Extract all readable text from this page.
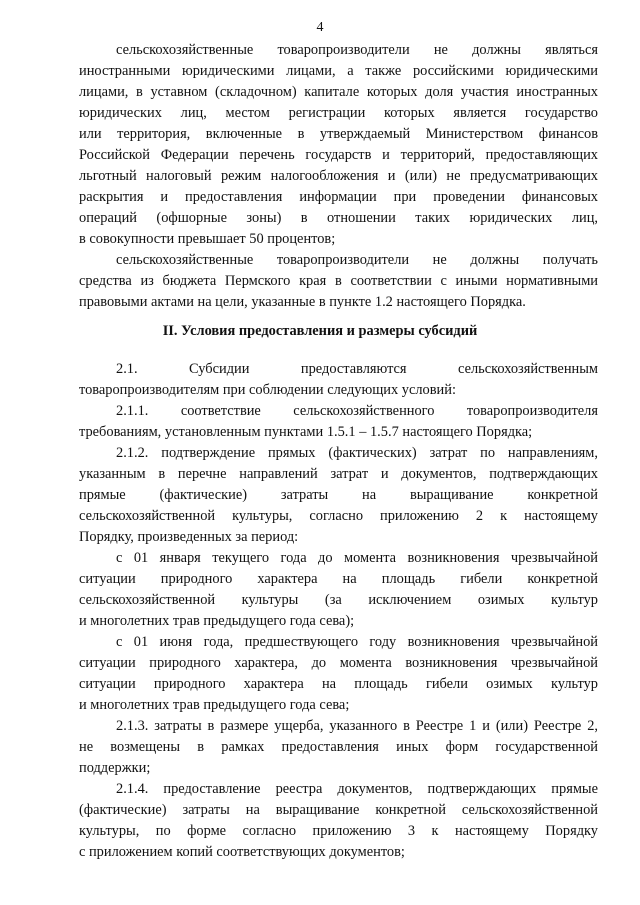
4
сельскохозяйственные товаропроизводители не должны являться
иностранными юридическими лицами, а также российскими юридическими
лицами, в уставном (складочном) капитале которых доля участия иностранных
юридических лиц, местом регистрации которых является государство
или территория, включенные в утверждаемый Министерством финансов
Российской Федерации перечень государств и территорий, предоставляющих
льготный налоговый режим налогообложения и (или) не предусматривающих
раскрытия и предоставления информации при проведении финансовых
операций (офшорные зоны) в отношении таких юридических лиц,
в совокупности превышает 50 процентов;
сельскохозяйственные товаропроизводители не должны получать
средства из бюджета Пермского края в соответствии с иными нормативными
правовыми актами на цели, указанные в пункте 1.2 настоящего Порядка.
II. Условия предоставления и размеры субсидий
2.1. Субсидии предоставляются сельскохозяйственным
товаропроизводителям при соблюдении следующих условий:
2.1.1. соответствие сельскохозяйственного товаропроизводителя
требованиям, установленным пунктами 1.5.1 – 1.5.7 настоящего Порядка;
2.1.2. подтверждение прямых (фактических) затрат по направлениям,
указанным в перечне направлений затрат и документов, подтверждающих
прямые (фактические) затраты на выращивание конкретной
сельскохозяйственной культуры, согласно приложению 2 к настоящему
Порядку, произведенных за период:
с 01 января текущего года до момента возникновения чрезвычайной
ситуации природного характера на площадь гибели конкретной
сельскохозяйственной культуры (за исключением озимых культур
и многолетних трав предыдущего года сева);
с 01 июня года, предшествующего году возникновения чрезвычайной
ситуации природного характера, до момента возникновения чрезвычайной
ситуации природного характера на площадь гибели озимых культур
и многолетних трав предыдущего года сева;
2.1.3. затраты в размере ущерба, указанного в Реестре 1 и (или) Реестре 2,
не возмещены в рамках предоставления иных форм государственной
поддержки;
2.1.4. предоставление реестра документов, подтверждающих прямые
(фактические) затраты на выращивание конкретной сельскохозяйственной
культуры, по форме согласно приложению 3 к настоящему Порядку
с приложением копий соответствующих документов;
